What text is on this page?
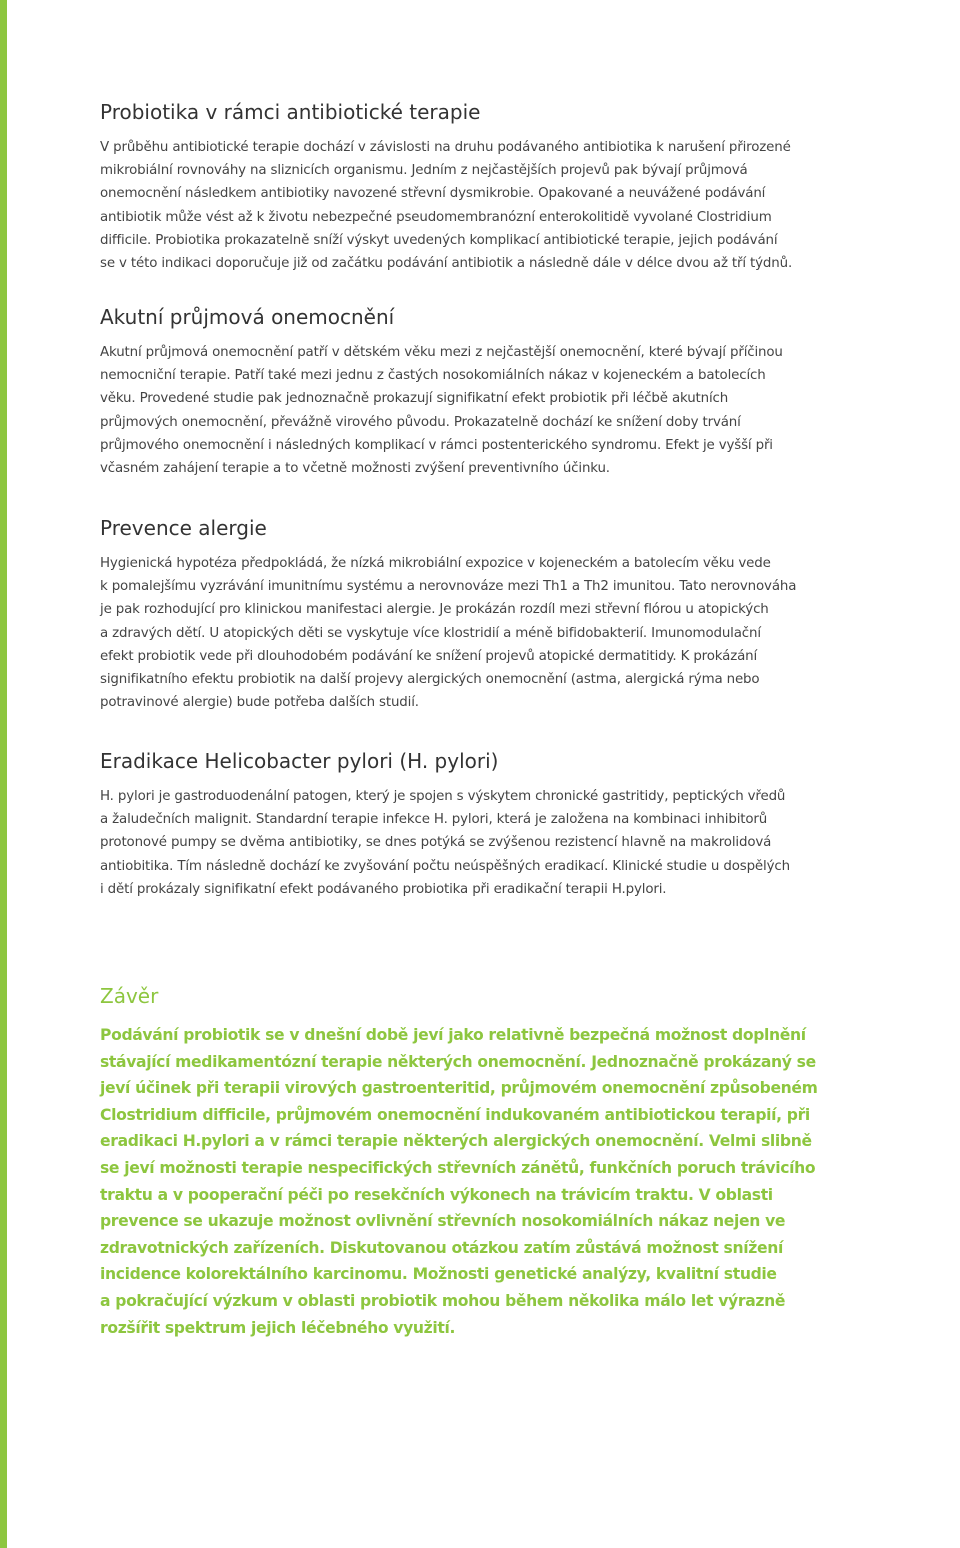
Probiotika v rámci antibiotické terapie

V průběhu antibiotické terapie dochází v závislosti na druhu podávaného antibiotika k narušení přirozené
mikrobiální rovnováhy na sliznicích organismu. Jedním z nejčastějších projevů pak bývají průjmová
onemocnění následkem antibiotiky navozené střevní dysmikrobie. Opakované a neuvážené podávání
antibiotik může vést až k životu nebezpečné pseudomembranózní enterokolitidě vyvolané Clostridium
difficile. Probiotika prokazatelně sníží výskyt uvedených komplikací antibiotické terapie, jejich podávání
se v této indikaci doporučuje již od začátku podávání antibiotik a následně dále v délce dvou až tří týdnů.

Akutní průjmová onemocnění

Akutní průjmová onemocnění patří v dětském věku mezi z nejčastější onemocnění, které bývají příčinou
nemocniční terapie. Patří také mezi jednu z častých nosokomiálních nákaz v kojeneckém a batolecích
věku. Provedené studie pak jednoznačně prokazují signifikatní efekt probiotik při léčbě akutních
průjmových onemocnění, převážně virového původu. Prokazatelně dochází ke snížení doby trvání
průjmového onemocnění i následných komplikací v rámci postenterického syndromu. Efekt je vyšší při
včasném zahájení terapie a to včetně možnosti zvýšení preventivního účinku.

Prevence alergie

Hygienická hypotéza předpokládá, že nízká mikrobiální expozice v kojeneckém a batolecím věku vede
k pomalejšímu vyzrávání imunitnímu systému a nerovnováze mezi Th1 a Th2 imunitou. Tato nerovnováha
je pak rozhodující pro klinickou manifestaci alergie. Je prokázán rozdíl mezi střevní flórou u atopických
a zdravých dětí. U atopických děti se vyskytuje více klostridií a méně bifidobakterií. Imunomodulační
efekt probiotik vede při dlouhodobém podávání ke snížení projevů atopické dermatitidy. K prokázání
signifikatního efektu probiotik na další projevy alergických onemocnění (astma, alergická rýma nebo
potravinové alergie) bude potřeba dalších studií.

Eradikace Helicobacter pylori (H. pylori)

H. pylori je gastroduodenální patogen, který je spojen s výskytem chronické gastritidy, peptických vředů
a žaludečních malignit. Standardní terapie infekce H. pylori, která je založena na kombinaci inhibitorů
protonové pumpy se dvěma antibiotiky, se dnes potýká se zvýšenou rezistencí hlavně na makrolidová
antiobitika. Tím následně dochází ke zvyšování počtu neúspěšných eradikací. Klinické studie u dospělých
i dětí prokázaly signifikatní efekt podávaného probiotika při eradikační terapii H.pylori.

Závěr

Podávání probiotik se v dnešní době jeví jako relativně bezpečná možnost doplnění
stávající medikamentózní terapie některých onemocnění. Jednoznačně prokázaný se
jeví účinek při terapii virových gastroenteritid, průjmovém onemocnění způsobeném
Clostridium difficile, průjmovém onemocnění indukovaném antibiotickou terapií, při
eradikaci H.pylori a v rámci terapie některých alergických onemocnění. Velmi slibně
se jeví možnosti terapie nespecifických střevních zánětů, funkčních poruch trávicího
traktu a v pooperační péči po resekčních výkonech na trávicím traktu. V oblasti
prevence se ukazuje možnost ovlivnění střevních nosokomiálních nákaz nejen ve
zdravotnických zařízeních. Diskutovanou otázkou zatím zůstává možnost snížení
incidence kolorektálního karcinomu. Možnosti genetické analýzy, kvalitní studie
a pokračující výzkum v oblasti probiotik mohou během několika málo let výrazně
rozšířit spektrum jejich léčebného využití.
